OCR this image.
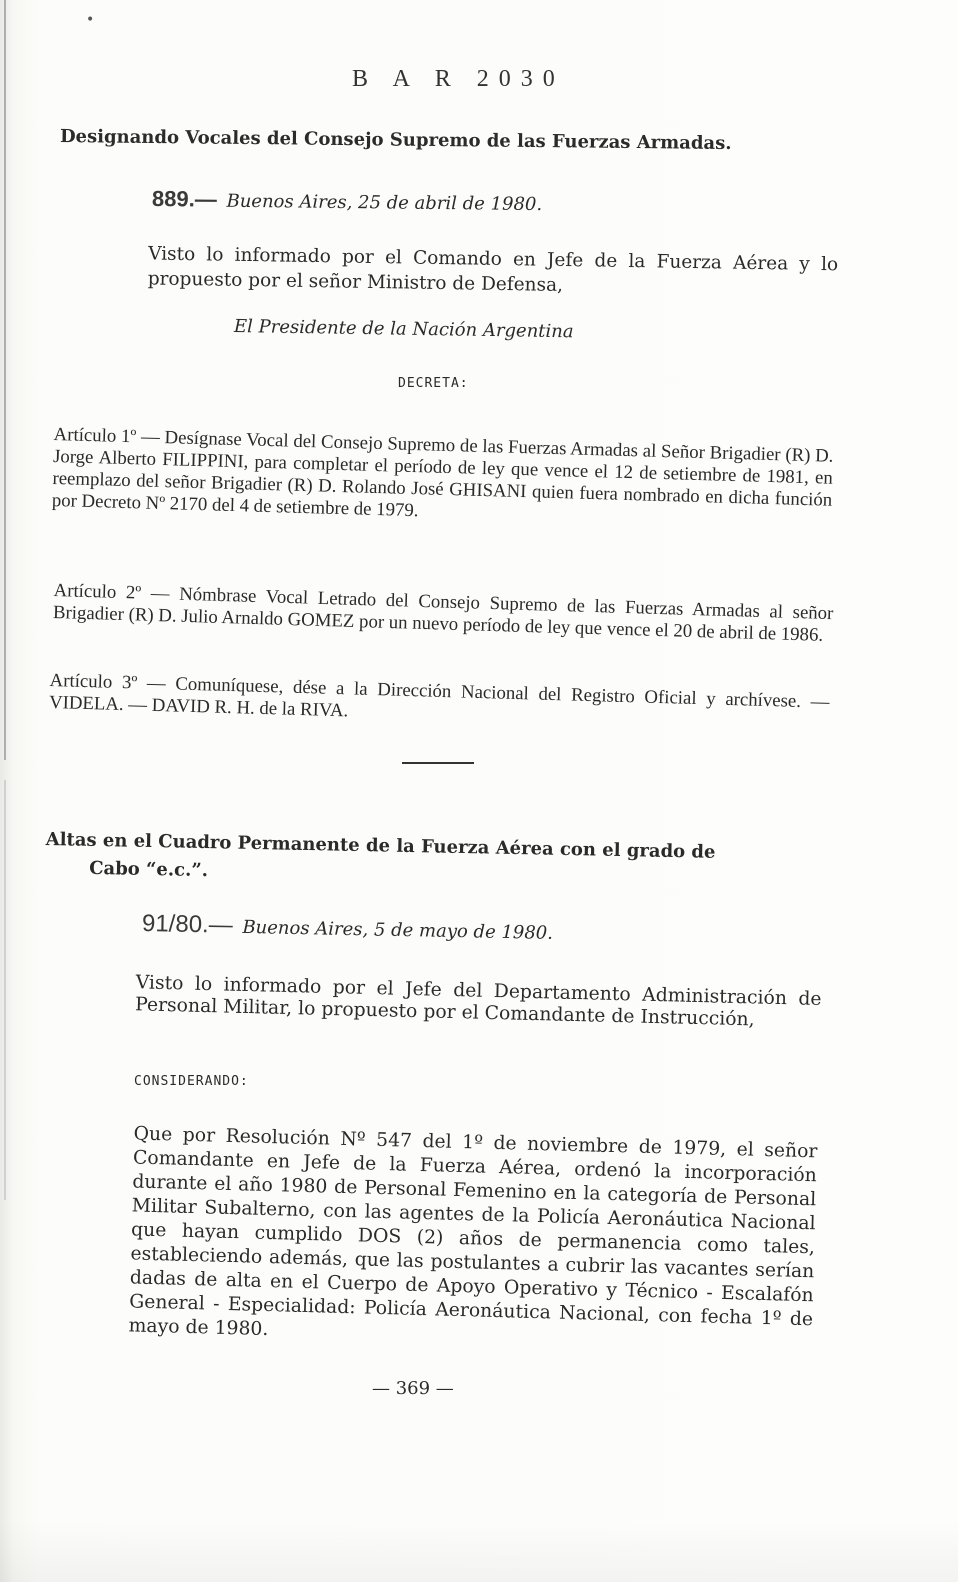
•
B A R 2030
Designando Vocales del Consejo Supremo de las Fuerzas Armadas.
889.— Buenos Aires, 25 de abril de 1980.
Visto lo informado por el Comando en Jefe de la Fuerza Aérea y lo propuesto por el señor Ministro de Defensa,
El Presidente de la Nación Argentina
DECRETA:
Artículo 1º — Desígnase Vocal del Consejo Supremo de las Fuerzas Armadas al Señor Brigadier (R) D. Jorge Alberto FILIPPINI, para completar el período de ley que vence el 12 de setiembre de 1981, en reemplazo del señor Brigadier (R) D. Rolando José GHISANI quien fuera nombrado en dicha función por Decreto Nº 2170 del 4 de setiembre de 1979.
Artículo 2º — Nómbrase Vocal Letrado del Consejo Supremo de las Fuerzas Armadas al señor Brigadier (R) D. Julio Arnaldo GOMEZ por un nuevo período de ley que vence el 20 de abril de 1986.
Artículo 3º — Comuníquese, dése a la Dirección Nacional del Registro Oficial y archívese. — VIDELA. — DAVID R. H. de la RIVA.
Altas en el Cuadro Permanente de la Fuerza Aérea con el grado de
Cabo “e.c.”.
91/80.— Buenos Aires, 5 de mayo de 1980.
Visto lo informado por el Jefe del Departamento Administración de Personal Militar, lo propuesto por el Comandante de Instrucción,
CONSIDERANDO:
Que por Resolución Nº 547 del 1º de noviembre de 1979, el señor Comandante en Jefe de la Fuerza Aérea, ordenó la incorporación durante el año 1980 de Personal Femenino en la categoría de Personal Militar Subalterno, con las agentes de la Policía Aeronáutica Nacional que hayan cumplido DOS (2) años de permanencia como tales, estableciendo además, que las postulantes a cubrir las vacantes serían dadas de alta en el Cuerpo de Apoyo Operativo y Técnico - Escalafón General - Especialidad: Policía Aeronáutica Nacional, con fecha 1º de mayo de 1980.
— 369 —
